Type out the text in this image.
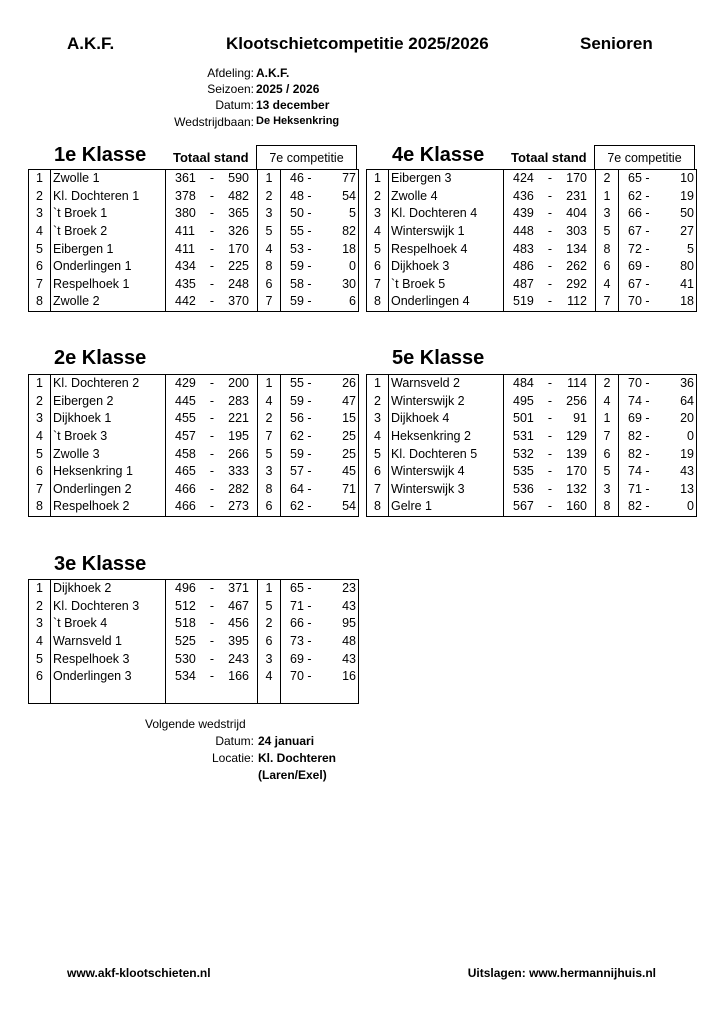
A.K.F.	Klootschietcompetitie 2025/2026	Senioren
Afdeling: A.K.F.
Seizoen: 2025 / 2026
Datum: 13 december
Wedstrijdbaan: De Heksenkring
1e Klasse Totaal stand	7e competitie
1	Zwolle 1	361 - 590	1	46 - 77

2	Kl. Dochteren 1	378 - 482	2	48 - 54

3	`t Broek 1	380 - 365	3	50 - 5

4	`t Broek 2	411 - 326	5	55 - 82

5	Eibergen 1	411 - 170	4	53 - 18

6	Onderlingen 1	434 - 225	8	59 - 0

7	Respelhoek 1	435 - 248	6	58 - 30

8	Zwolle 2	442 - 370	7	59 - 6
4e Klasse Totaal stand	7e competitie
1	Eibergen 3	424 - 170	2	65 - 10

2	Zwolle 4	436 - 231	1	62 - 19

3	Kl. Dochteren 4	439 - 404	3	66 - 50

4	Winterswijk 1	448 - 303	5	67 - 27

5	Respelhoek 4	483 - 134	8	72 - 5

6	Dijkhoek 3	486 - 262	6	69 - 80

7	`t Broek 5	487 - 292	4	67 - 41

8	Onderlingen 4	519 - 112	7	70 - 18
2e Klasse
1	Kl. Dochteren 2	429 - 200	1	55 - 26

2	Eibergen 2	445 - 283	4	59 - 47

3	Dijkhoek 1	455 - 221	2	56 - 15

4	`t Broek 3	457 - 195	7	62 - 25

5	Zwolle 3	458 - 266	5	59 - 25

6	Heksenkring 1	465 - 333	3	57 - 45

7	Onderlingen 2	466 - 282	8	64 - 71

8	Respelhoek 2	466 - 273	6	62 - 54
5e Klasse
1	Warnsveld 2	484 - 114	2	70 - 36

2	Winterswijk 2	495 - 256	4	74 - 64

3	Dijkhoek 4	501 - 91	1	69 - 20

4	Heksenkring 2	531 - 129	7	82 - 0

5	Kl. Dochteren 5	532 - 139	6	82 - 19

6	Winterswijk 4	535 - 170	5	74 - 43

7	Winterswijk 3	536 - 132	3	71 - 13

8	Gelre 1	567 - 160	8	82 - 0
3e Klasse
1	Dijkhoek 2	496 - 371	1	65 - 23

2	Kl. Dochteren 3	512 - 467	5	71 - 43

3	`t Broek 4	518 - 456	2	66 - 95

4	Warnsveld 1	525 - 395	6	73 - 48

5	Respelhoek 3	530 - 243	3	69 - 43

6	Onderlingen 3	534 - 166	4	70 - 16

Volgende wedstrijd
Datum: 24 januari
Locatie: Kl. Dochteren
(Laren/Exel)
www.akf-klootschieten.nl	Uitslagen: www.hermannijhuis.nl
